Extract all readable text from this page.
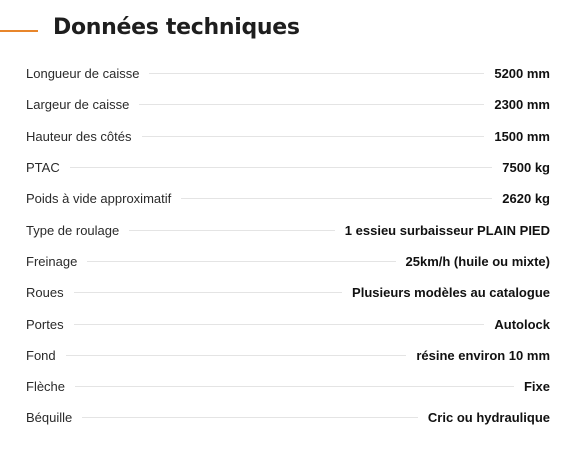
Données techniques
Longueur de caisse	5200 mm
Largeur de caisse	2300 mm
Hauteur des côtés	1500 mm
PTAC	7500 kg
Poids à vide approximatif	2620 kg
Type de roulage	1 essieu surbaisseur PLAIN PIED
Freinage	25km/h (huile ou mixte)
Roues	Plusieurs modèles au catalogue
Portes	Autolock
Fond	résine environ 10 mm
Flèche	Fixe
Béquille	Cric ou hydraulique
